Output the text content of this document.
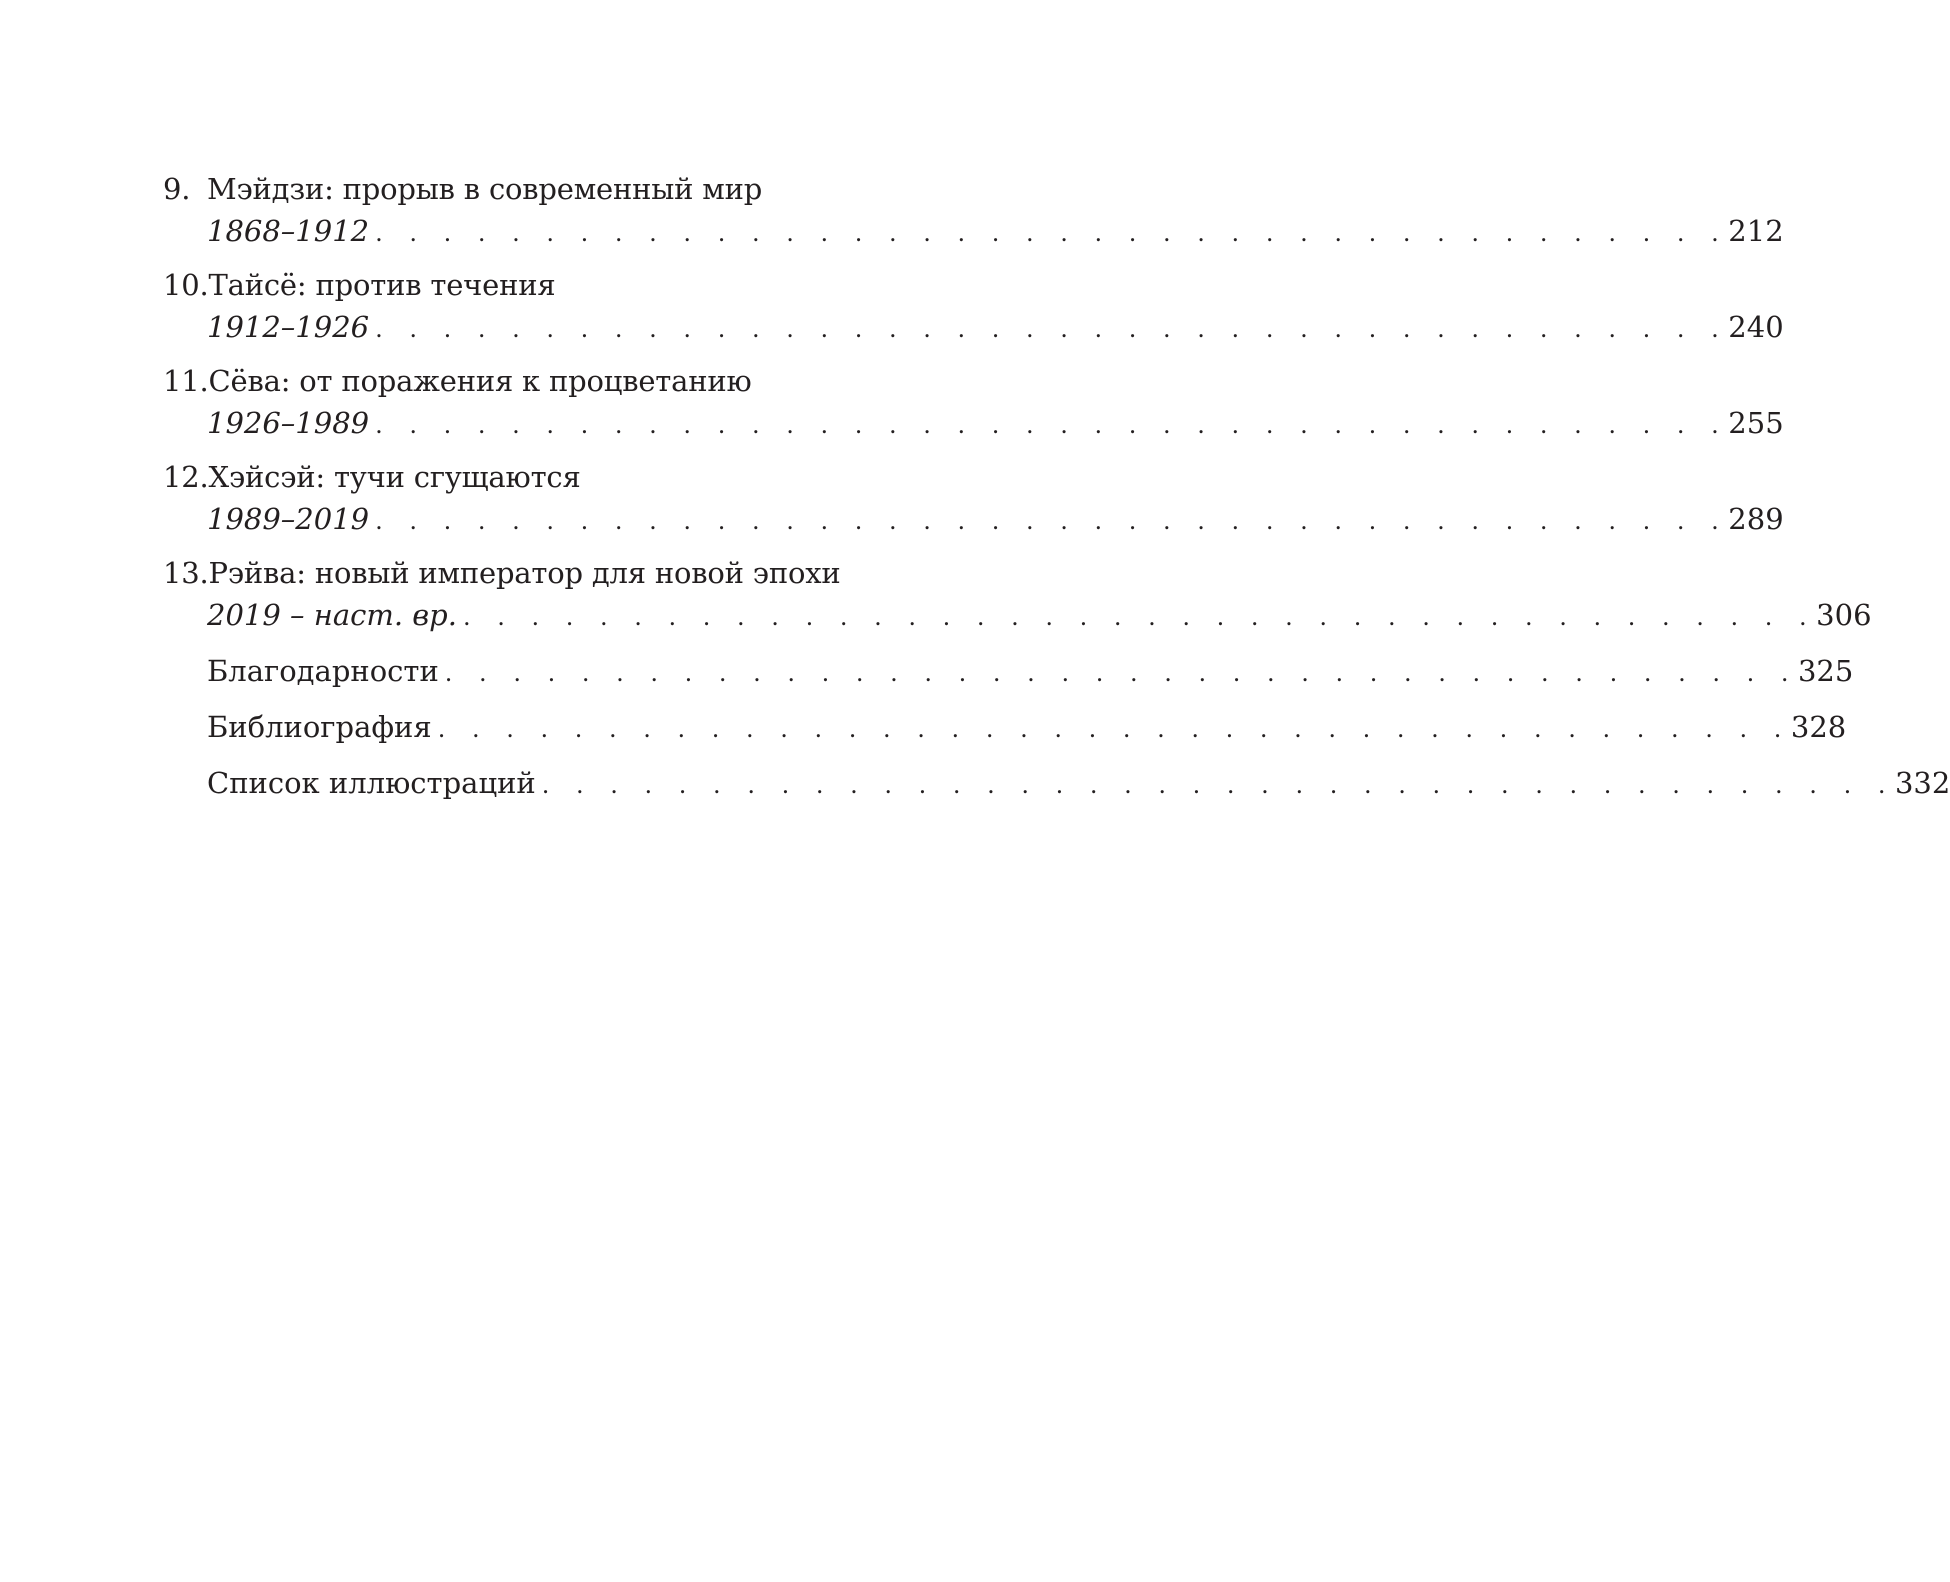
9. Мэйдзи: прорыв в современный мир
1868–1912 . . . . . . . . . . . . . . . . . . . . . . . . . . . . . . . . . . . . . . . . 212
10.Тайсё: против течения
1912–1926 . . . . . . . . . . . . . . . . . . . . . . . . . . . . . . . . . . . . . . . . 240
11.Сёва: от поражения к процветанию
1926–1989 . . . . . . . . . . . . . . . . . . . . . . . . . . . . . . . . . . . . . . . . 255
12.Хэйсэй: тучи сгущаются
1989–2019 . . . . . . . . . . . . . . . . . . . . . . . . . . . . . . . . . . . . . . . . 289
13.Рэйва: новый император для новой эпохи
2019 – наст. вр. . . . . . . . . . . . . . . . . . . . . . . . . . . . . . . . . . . . . . . . . 306
Благодарности . . . . . . . . . . . . . . . . . . . . . . . . . . . . . . . . . . . . . . . . 325
Библиография . . . . . . . . . . . . . . . . . . . . . . . . . . . . . . . . . . . . . . . . 328
Список иллюстраций . . . . . . . . . . . . . . . . . . . . . . . . . . . . . . . . . . . . . . . . 332
